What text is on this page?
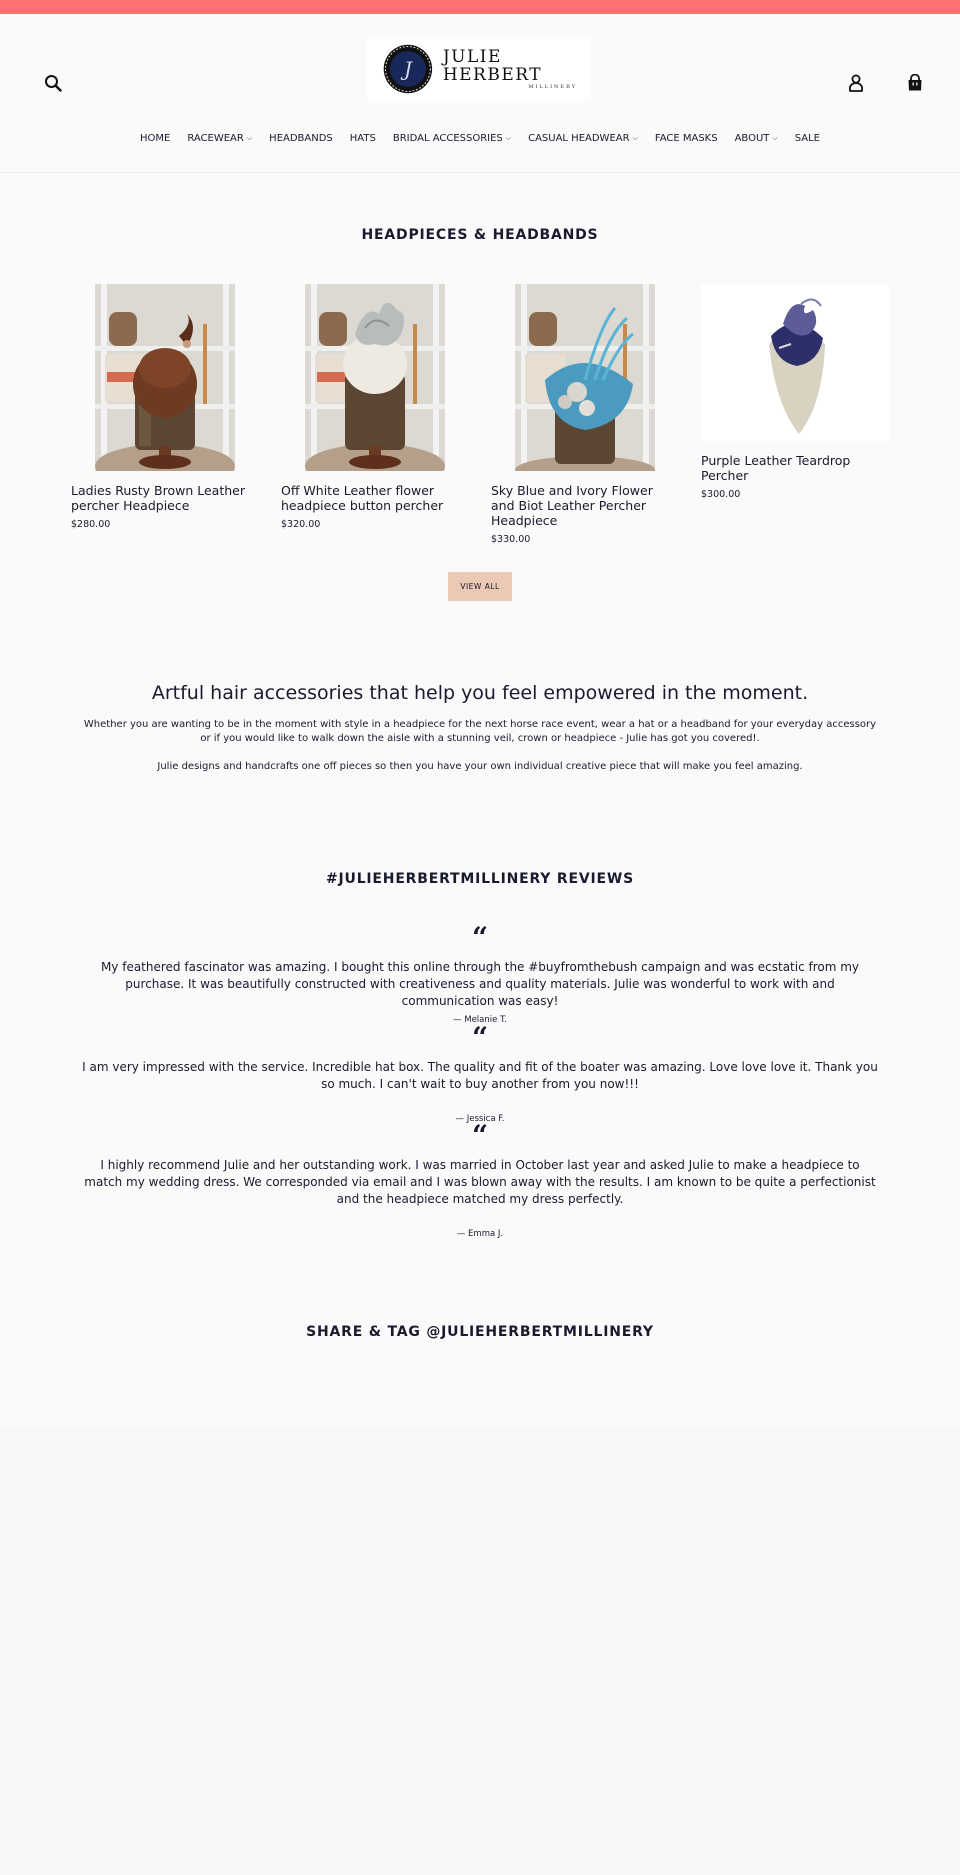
J
JULIE HERBERT
MILLINERY
HOME RACEWEAR ⌵ HEADBANDS HATS BRIDAL ACCESSORIES ⌵ CASUAL HEADWEAR ⌵ FACE MASKS ABOUT ⌵ SALE
HEADPIECES & HEADBANDS
Ladies Rusty Brown Leather percher Headpiece
$280.00
Off White Leather flower headpiece button percher
$320.00
Sky Blue and Ivory Flower and Biot Leather Percher Headpiece
$330.00
Purple Leather Teardrop Percher
$300.00
VIEW ALL
Artful hair accessories that help you feel empowered in the moment.

Whether you are wanting to be in the moment with style in a headpiece for the next horse race event, wear a hat or a headband for your everyday accessory or if you would like to walk down the aisle with a stunning veil, crown or headpiece - Julie has got you covered!.

Julie designs and handcrafts one off pieces so then you have your own individual creative piece that will make you feel amazing.

#JULIEHERBERTMILLINERY REVIEWS
“

My feathered fascinator was amazing. I bought this online through the #buyfromthebush campaign and was ecstatic from my purchase. It was beautifully constructed with creativeness and quality materials. Julie was wonderful to work with and communication was easy!

— Melanie T.
“

I am very impressed with the service. Incredible hat box. The quality and fit of the boater was amazing. Love love love it. Thank you so much. I can't wait to buy another from you now!!!

— Jessica F.
“

I highly recommend Julie and her outstanding work. I was married in October last year and asked Julie to make a headpiece to match my wedding dress. We corresponded via email and I was blown away with the results. I am known to be quite a perfectionist and the headpiece matched my dress perfectly.

— Emma J.
SHARE & TAG @JULIEHERBERTMILLINERY
